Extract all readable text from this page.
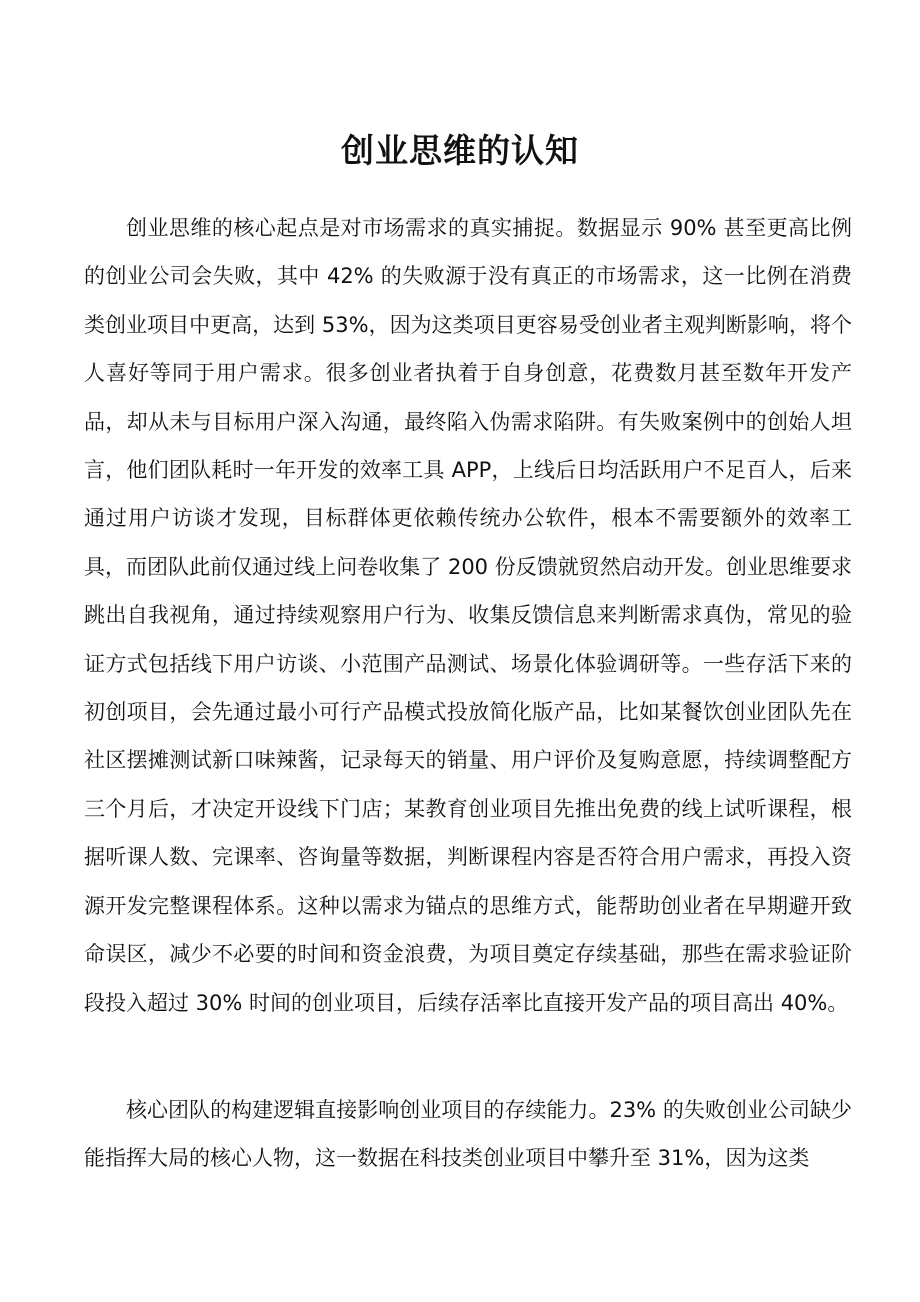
创业思维的认知

创业思维的核心起点是对市场需求的真实捕捉。数据显示 90% 甚至更高比例的创业公司会失败，其中 42% 的失败源于没有真正的市场需求，这一比例在消费类创业项目中更高，达到 53%，因为这类项目更容易受创业者主观判断影响，将个人喜好等同于用户需求。很多创业者执着于自身创意，花费数月甚至数年开发产品，却从未与目标用户深入沟通，最终陷入伪需求陷阱。有失败案例中的创始人坦言，他们团队耗时一年开发的效率工具 APP，上线后日均活跃用户不足百人，后来通过用户访谈才发现，目标群体更依赖传统办公软件，根本不需要额外的效率工具，而团队此前仅通过线上问卷收集了 200 份反馈就贸然启动开发。创业思维要求跳出自我视角，通过持续观察用户行为、收集反馈信息来判断需求真伪，常见的验证方式包括线下用户访谈、小范围产品测试、场景化体验调研等。一些存活下来的初创项目，会先通过最小可行产品模式投放简化版产品，比如某餐饮创业团队先在社区摆摊测试新口味辣酱，记录每天的销量、用户评价及复购意愿，持续调整配方三个月后，才决定开设线下门店；某教育创业项目先推出免费的线上试听课程，根据听课人数、完课率、咨询量等数据，判断课程内容是否符合用户需求，再投入资源开发完整课程体系。这种以需求为锚点的思维方式，能帮助创业者在早期避开致命误区，减少不必要的时间和资金浪费，为项目奠定存续基础，那些在需求验证阶段投入超过 30% 时间的创业项目，后续存活率比直接开发产品的项目高出 40%。

核心团队的构建逻辑直接影响创业项目的存续能力。23% 的失败创业公司缺少能指挥大局的核心人物，这一数据在科技类创业项目中攀升至 31%，因为这类
